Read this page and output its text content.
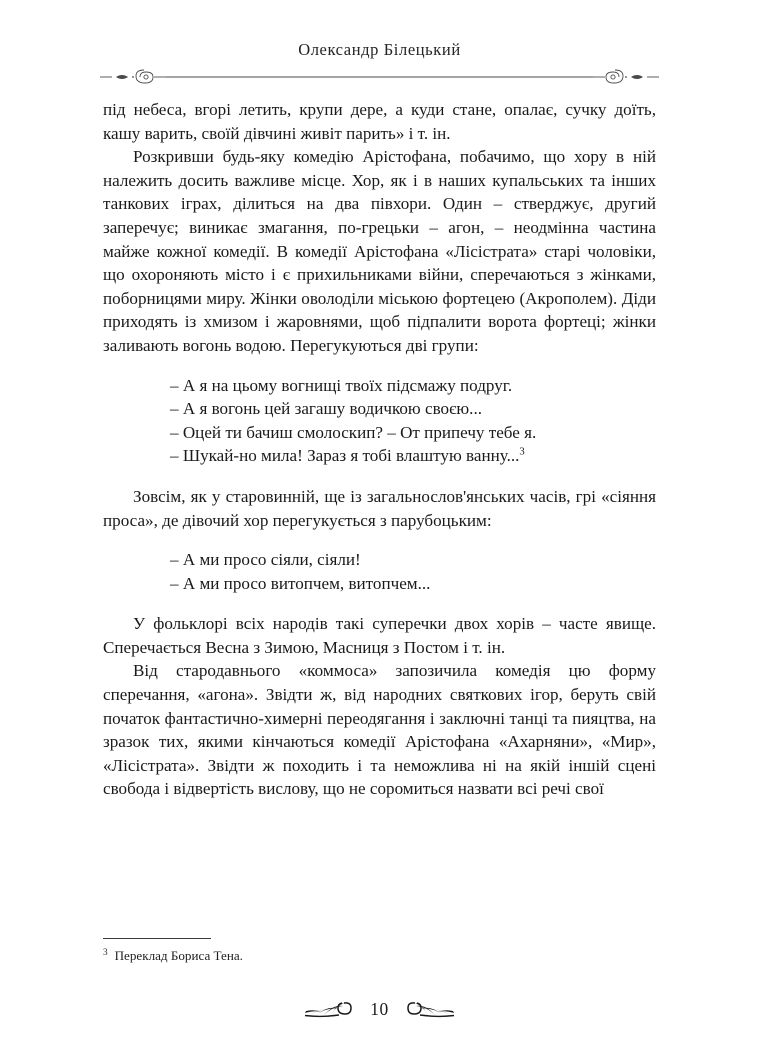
Олександр Білецький

під небеса, вгорі летить, крупи дере, а куди стане, опалає, сучку доїть, кашу варить, своїй дівчині живіт парить» і т. ін.

Розкривши будь-яку комедію Арістофана, побачимо, що хору в ній належить досить важливе місце. Хор, як і в наших купальських та інших танкових іграх, ділиться на два півхори. Один – стверджує, другий заперечує; виникає змагання, по-грецьки – агон, – неодмінна частина майже кожної комедії. В комедії Арістофана «Лісістрата» старі чоловіки, що охороняють місто і є прихильниками війни, сперечаються з жінками, поборницями миру. Жінки оволоділи міською фортецею (Акрополем). Діди приходять із хмизом і жаровнями, щоб підпалити ворота фортеці; жінки заливають вогонь водою. Перегукуються дві групи:

– А я на цьому вогнищі твоїх підсмажу подруг.
– А я вогонь цей загашу водичкою своєю...
– Оцей ти бачиш смолоскип? – От припечу тебе я.
– Шукай-но мила! Зараз я тобі влаштую ванну...$^3$

Зовсім, як у старовинній, ще із загальнослов'янських часів, грі «сіяння проса», де дівочий хор перегукується з парубоцьким:

– А ми просо сіяли, сіяли!
– А ми просо витопчем, витопчем...

У фольклорі всіх народів такі суперечки двох хорів – часте явище. Сперечається Весна з Зимою, Масниця з Постом і т. ін.

Від стародавнього «коммоса» запозичила комедія цю форму сперечання, «агона». Звідти ж, від народних святкових ігор, беруть свій початок фантастично-химерні переодягання і заключні танці та пияцтва, на зразок тих, якими кінчаються комедії Арістофана «Ахарняни», «Мир», «Лісістрата». Звідти ж походить і та неможлива ні на якій іншій сцені свобода і відвертість вислову, що не соромиться назвати всі речі свої

$^3$ Переклад Бориса Тена.
10
